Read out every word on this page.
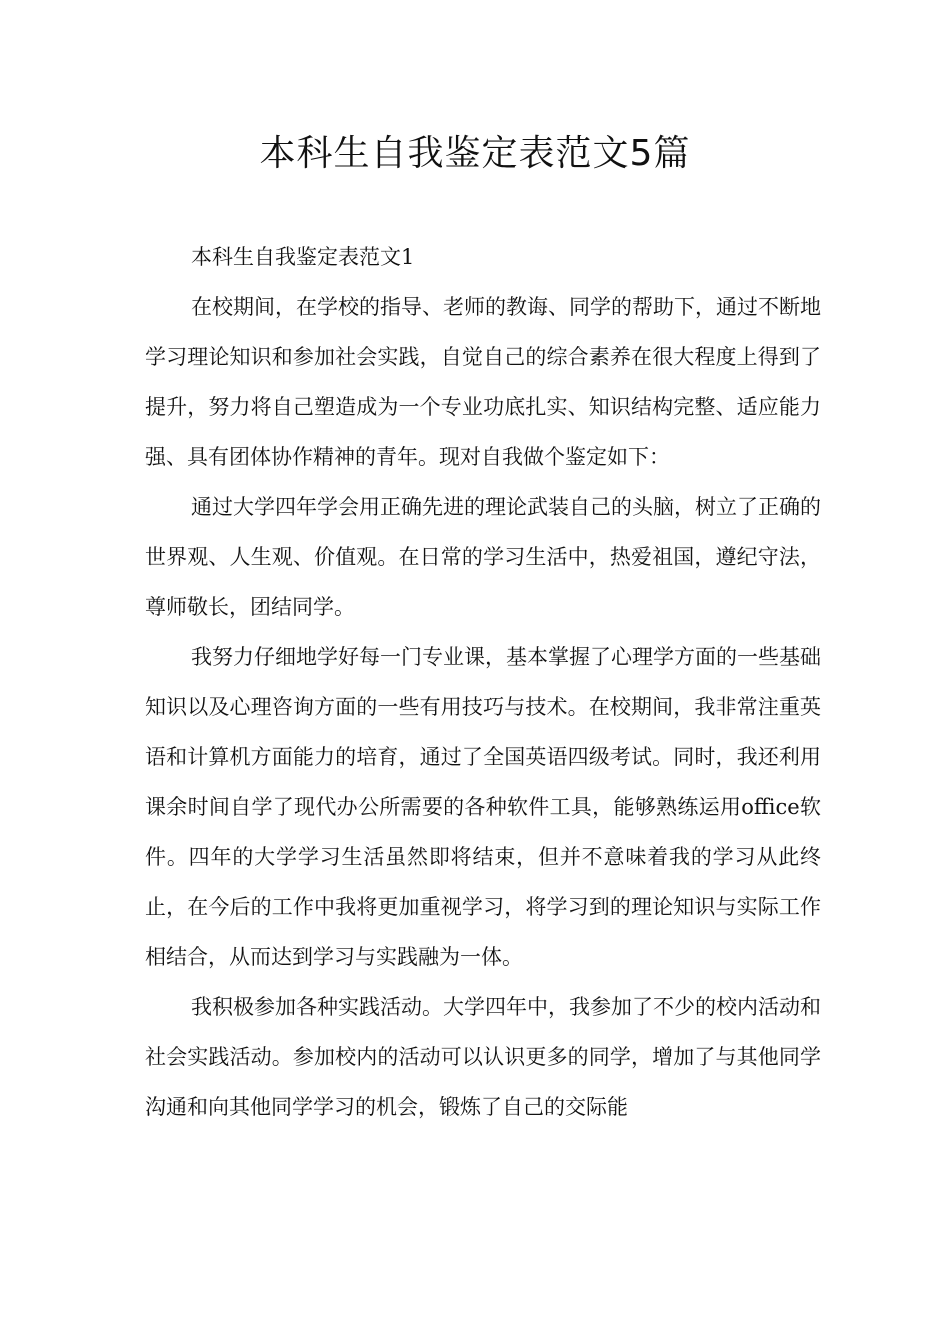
本科生自我鉴定表范文5篇

本科生自我鉴定表范文1

在校期间，在学校的指导、老师的教诲、同学的帮助下，通过不断地学习理论知识和参加社会实践，自觉自己的综合素养在很大程度上得到了提升，努力将自己塑造成为一个专业功底扎实、知识结构完整、适应能力强、具有团体协作精神的青年。现对自我做个鉴定如下：

通过大学四年学会用正确先进的理论武装自己的头脑，树立了正确的世界观、人生观、价值观。在日常的学习生活中，热爱祖国，遵纪守法，尊师敬长，团结同学。

我努力仔细地学好每一门专业课，基本掌握了心理学方面的一些基础知识以及心理咨询方面的一些有用技巧与技术。在校期间，我非常注重英语和计算机方面能力的培育，通过了全国英语四级考试。同时，我还利用课余时间自学了现代办公所需要的各种软件工具，能够熟练运用office软件。四年的大学学习生活虽然即将结束，但并不意味着我的学习从此终止，在今后的工作中我将更加重视学习，将学习到的理论知识与实际工作相结合，从而达到学习与实践融为一体。

我积极参加各种实践活动。大学四年中，我参加了不少的校内活动和社会实践活动。参加校内的活动可以认识更多的同学，增加了与其他同学沟通和向其他同学学习的机会，锻炼了自己的交际能
